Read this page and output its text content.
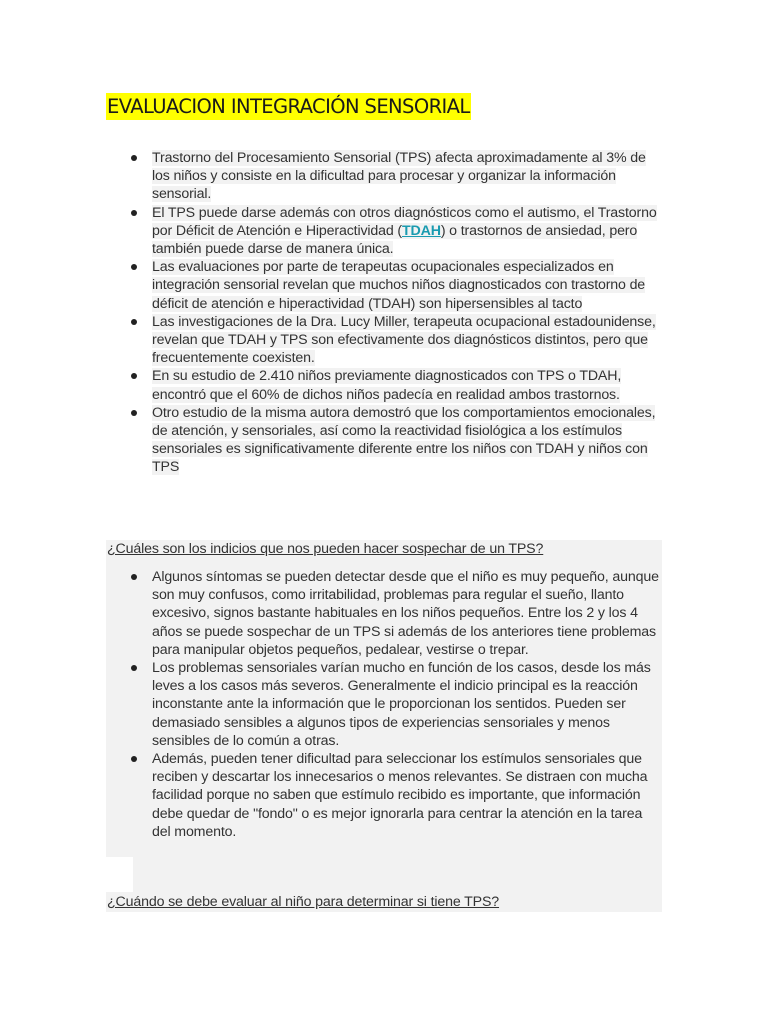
EVALUACION INTEGRACIÓN SENSORIAL
Trastorno del Procesamiento Sensorial (TPS) afecta aproximadamente al 3% de los niños y consiste en la dificultad para procesar y organizar la información sensorial.
El TPS puede darse además con otros diagnósticos como el autismo, el Trastorno por Déficit de Atención e Hiperactividad (TDAH) o trastornos de ansiedad, pero también puede darse de manera única.
Las evaluaciones por parte de terapeutas ocupacionales especializados en integración sensorial revelan que muchos niños diagnosticados con trastorno de déficit de atención e hiperactividad (TDAH) son hipersensibles al tacto
Las investigaciones de la Dra. Lucy Miller, terapeuta ocupacional estadounidense, revelan que TDAH y TPS son efectivamente dos diagnósticos distintos, pero que frecuentemente coexisten.
En su estudio de 2.410 niños previamente diagnosticados con TPS o TDAH, encontró que el 60% de dichos niños padecía en realidad ambos trastornos.
Otro estudio de la misma autora demostró que los comportamientos emocionales, de atención, y sensoriales, así como la reactividad fisiológica a los estímulos sensoriales es significativamente diferente entre los niños con TDAH y niños con TPS

¿Cuáles son los indicios que nos pueden hacer sospechar de un TPS?

Algunos síntomas se pueden detectar desde que el niño es muy pequeño, aunque son muy confusos, como irritabilidad, problemas para regular el sueño, llanto excesivo, signos bastante habituales en los niños pequeños. Entre los 2 y los 4 años se puede sospechar de un TPS si además de los anteriores tiene problemas para manipular objetos pequeños, pedalear, vestirse o trepar.
Los problemas sensoriales varían mucho en función de los casos, desde los más leves a los casos más severos. Generalmente el indicio principal es la reacción inconstante ante la información que le proporcionan los sentidos. Pueden ser demasiado sensibles a algunos tipos de experiencias sensoriales y menos sensibles de lo común a otras.
Además, pueden tener dificultad para seleccionar los estímulos sensoriales que reciben y descartar los innecesarios o menos relevantes. Se distraen con mucha facilidad porque no saben que estímulo recibido es importante, que información debe quedar de "fondo" o es mejor ignorarla para centrar la atención en la tarea del momento.

¿Cuándo se debe evaluar al niño para determinar si tiene TPS?
